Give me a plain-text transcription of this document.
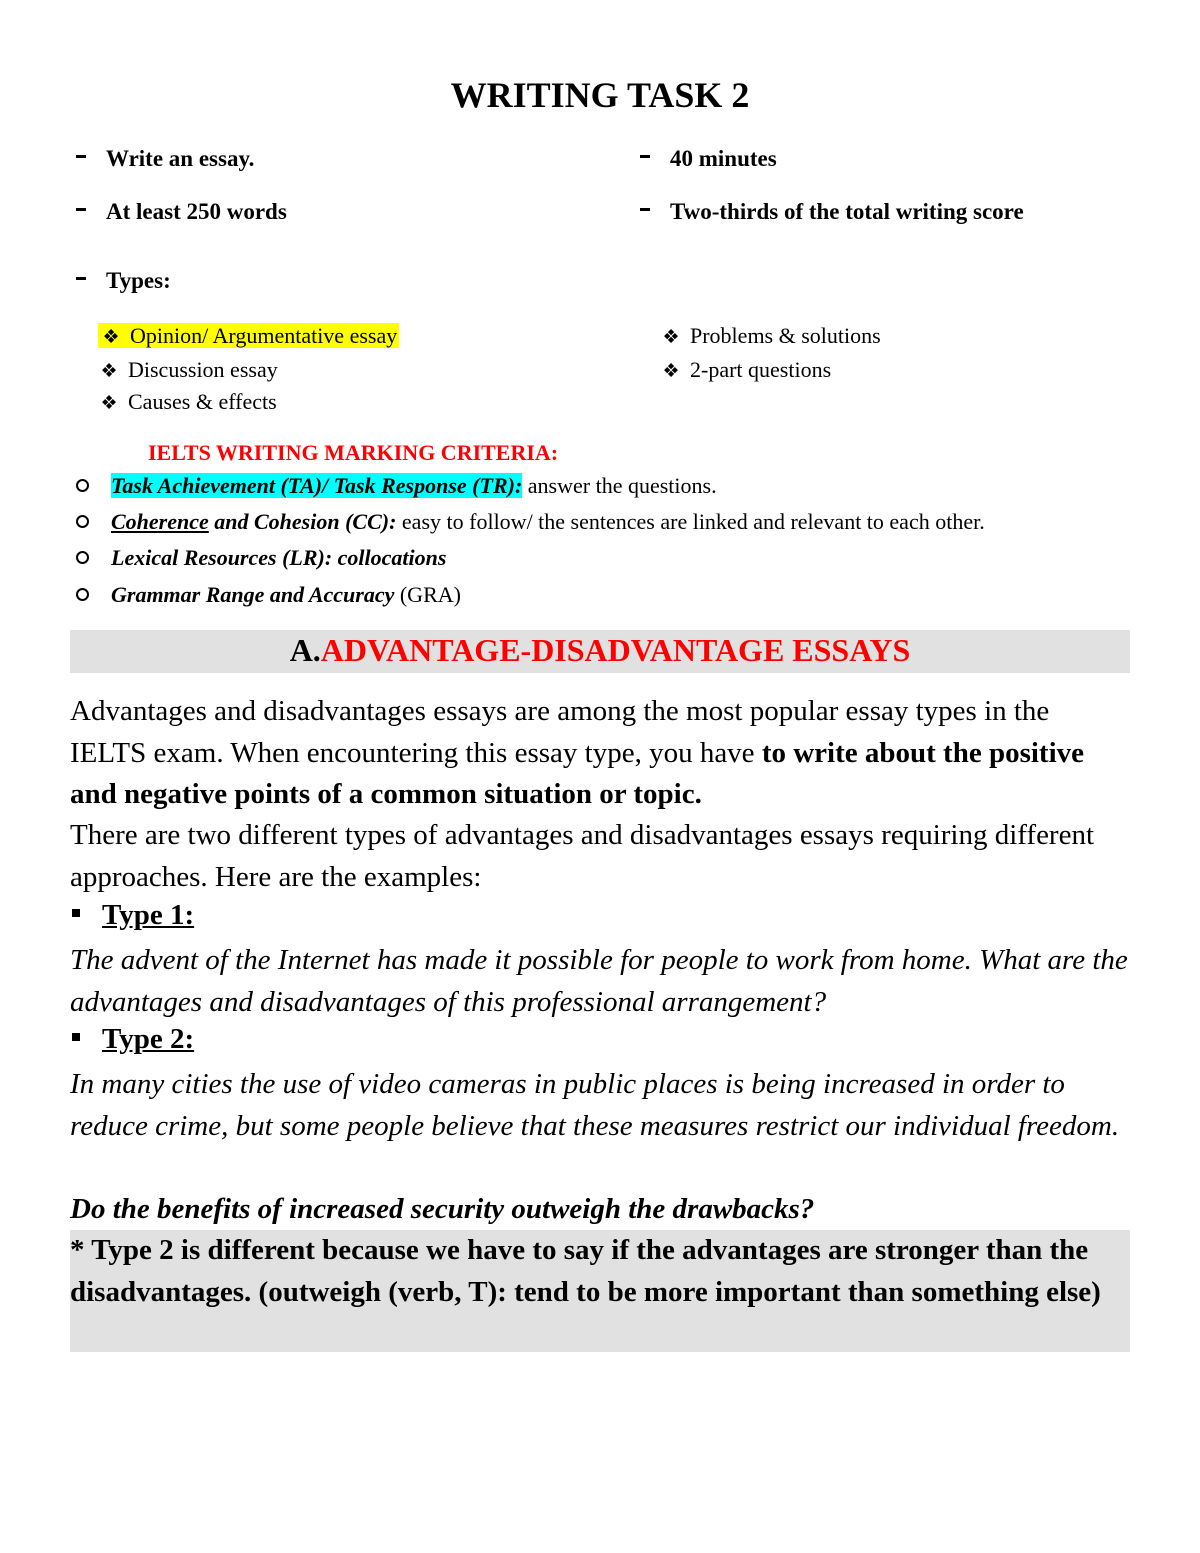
WRITING TASK 2
Write an essay.
At least 250 words
Types:
40 minutes
Two-thirds of the total writing score
❖ Opinion/ Argumentative essay
❖ Discussion essay
❖ Causes & effects
❖ Problems & solutions
❖ 2-part questions
IELTS WRITING MARKING CRITERIA:
Task Achievement (TA)/ Task Response (TR): answer the questions.
Coherence and Cohesion (CC): easy to follow/ the sentences are linked and relevant to each other.
Lexical Resources (LR): collocations
Grammar Range and Accuracy (GRA)
A.ADVANTAGE-DISADVANTAGE ESSAYS
Advantages and disadvantages essays are among the most popular essay types in the IELTS exam. When encountering this essay type, you have to write about the positive and negative points of a common situation or topic.
There are two different types of advantages and disadvantages essays requiring different approaches. Here are the examples:
Type 1:
The advent of the Internet has made it possible for people to work from home. What are the advantages and disadvantages of this professional arrangement?
Type 2:
In many cities the use of video cameras in public places is being increased in order to reduce crime, but some people believe that these measures restrict our individual freedom.
Do the benefits of increased security outweigh the drawbacks?
* Type 2 is different because we have to say if the advantages are stronger than the disadvantages. (outweigh (verb, T): tend to be more important than something else)
